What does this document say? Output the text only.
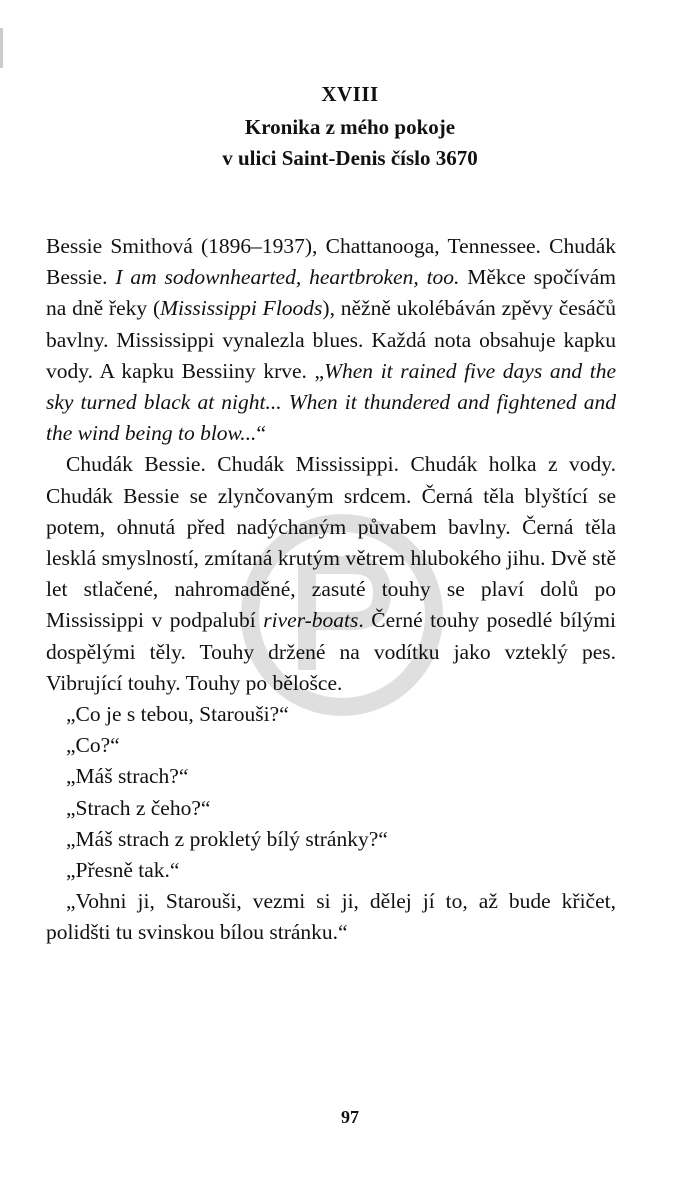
XVIII
Kronika z mého pokoje
v ulici Saint-Denis číslo 3670

Bessie Smithová (1896–1937), Chattanooga, Tennessee. Chudák Bessie. I am sodownhearted, heartbroken, too. Měkce spočívám na dně řeky (Mississippi Floods), něžně ukolébáván zpěvy česáčů bavlny. Mississippi vynalezla blues. Každá nota obsahuje kapku vody. A kapku Bessiiny krve. „When it rained five days and the sky turned black at night... When it thundered and fightened and the wind being to blow...“

Chudák Bessie. Chudák Mississippi. Chudák holka z vody. Chudák Bessie se zlynčovaným srdcem. Černá těla blyštící se potem, ohnutá před nadýchaným půvabem bavlny. Černá těla lesklá smyslností, zmítaná krutým větrem hlubokého jihu. Dvě stě let stlačené, nahromaděné, zasuté touhy se plaví dolů po Mississippi v podpalubí river-boats. Černé touhy posedlé bílými dospělými těly. Touhy držené na vodítku jako vzteklý pes. Vibrující touhy. Touhy po bělošce.

„Co je s tebou, Starouši?“

„Co?“

„Máš strach?“

„Strach z čeho?“

„Máš strach z prokletý bílý stránky?“

„Přesně tak.“

„Vohni ji, Starouši, vezmi si ji, dělej jí to, až bude křičet, polidšti tu svinskou bílou stránku.“

97
